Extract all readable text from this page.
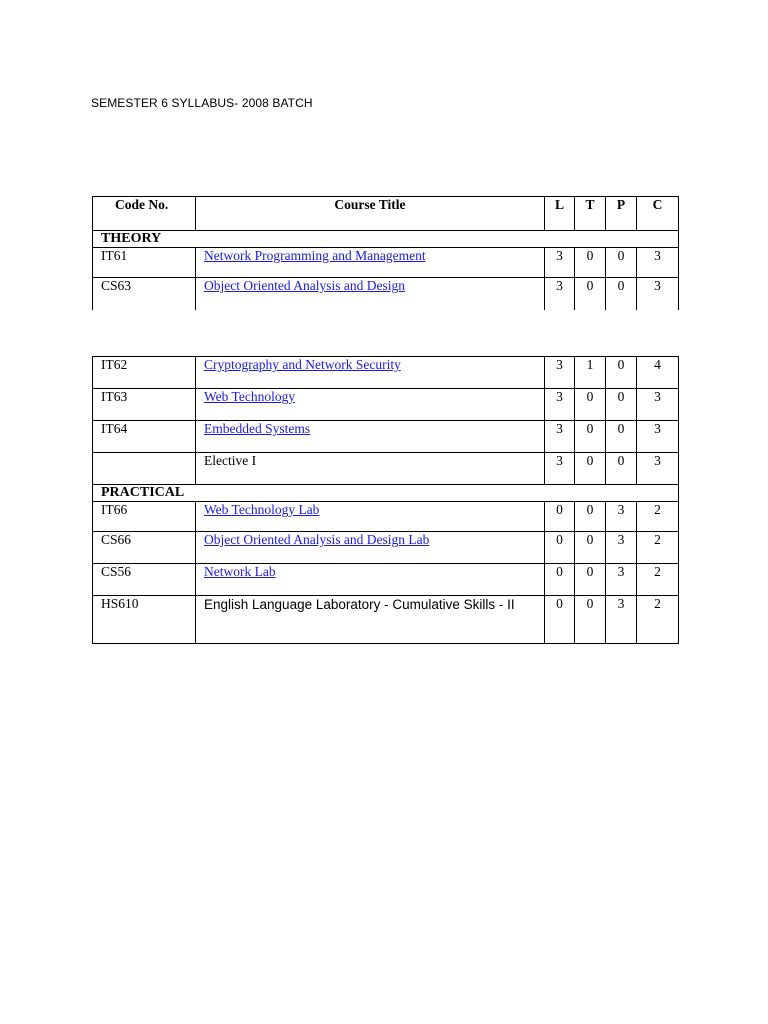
SEMESTER 6 SYLLABUS- 2008 BATCH
Code No.	Course Title	L	T	P	C
THEORY					
IT61	Network Programming and Management	3	0	0	3
CS63	Object Oriented Analysis and Design	3	0	0	3
IT62	Cryptography and Network Security	3	1	0	4
IT63	Web Technology	3	0	0	3
IT64	Embedded Systems	3	0	0	3
	Elective I	3	0	0	3
PRACTICAL					
IT66	Web Technology Lab	0	0	3	2
CS66	Object Oriented Analysis and Design Lab	0	0	3	2
CS56	Network Lab	0	0	3	2
HS610	English Language Laboratory - Cumulative Skills - II	0	0	3	2
